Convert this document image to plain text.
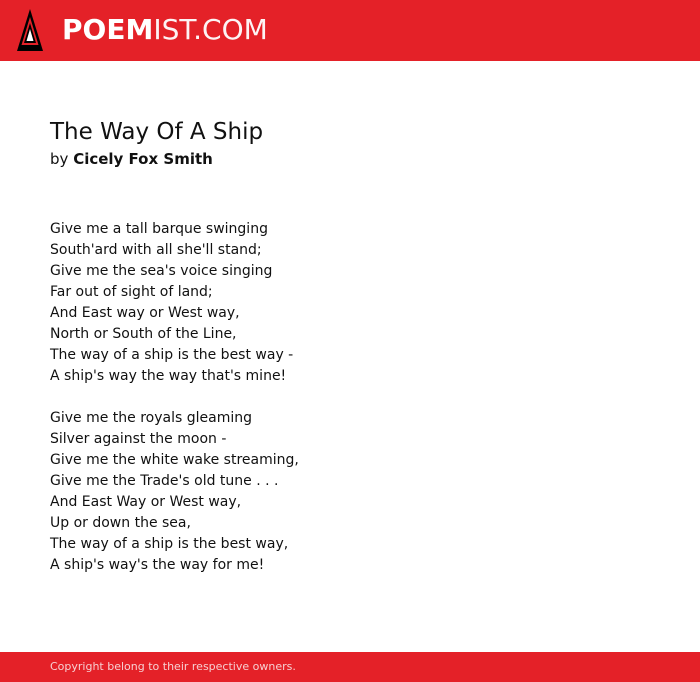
POEMIST.COM
The Way Of A Ship
by Cicely Fox Smith
Give me a tall barque swinging
South'ard with all she'll stand;
Give me the sea's voice singing
Far out of sight of land;
And East way or West way,
North or South of the Line,
The way of a ship is the best way -
A ship's way the way that's mine!
Give me the royals gleaming
Silver against the moon -
Give me the white wake streaming,
Give me the Trade's old tune . . .
And East Way or West way,
Up or down the sea,
The way of a ship is the best way,
A ship's way's the way for me!
Copyright belong to their respective owners.
